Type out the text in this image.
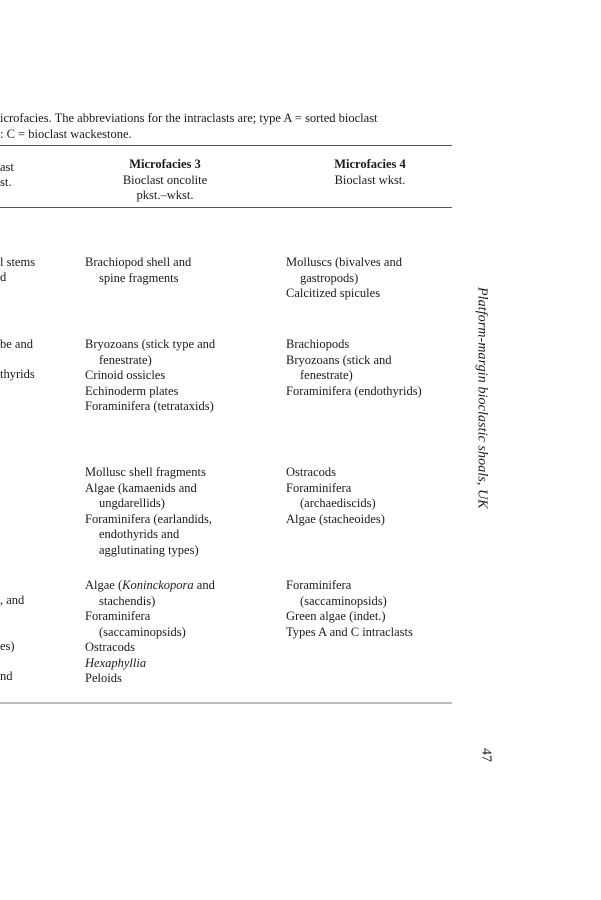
icrofacies. The abbreviations for the intraclasts are; type A = sorted bioclast
: C = bioclast wackestone.
ast
st.
Microfacies 3
Bioclast oncolite
pkst.–wkst.
Microfacies 4
Bioclast wkst.
l stems
d
be and
thyrids
, and
es)
nd
Brachiopod shell and
spine fragments
Bryozoans (stick type and
fenestrate)
Crinoid ossicles
Echinoderm plates
Foraminifera (tetrataxids)
Mollusc shell fragments
Algae (kamaenids and
ungdarellids)
Foraminifera (earlandids,
endothyrids and
agglutinating types)
Algae (Koninckopora and
stachendis)
Foraminifera
(saccaminopsids)
Ostracods
Hexaphyllia
Peloids
Molluscs (bivalves and
gastropods)
Calcitized spicules
Brachiopods
Bryozoans (stick and
fenestrate)
Foraminifera (endothyrids)
Ostracods
Foraminifera
(archaediscids)
Algae (stacheoides)
Foraminifera
(saccaminopsids)
Green algae (indet.)
Types A and C intraclasts
Platform-margin bioclastic shoals, UK
47
